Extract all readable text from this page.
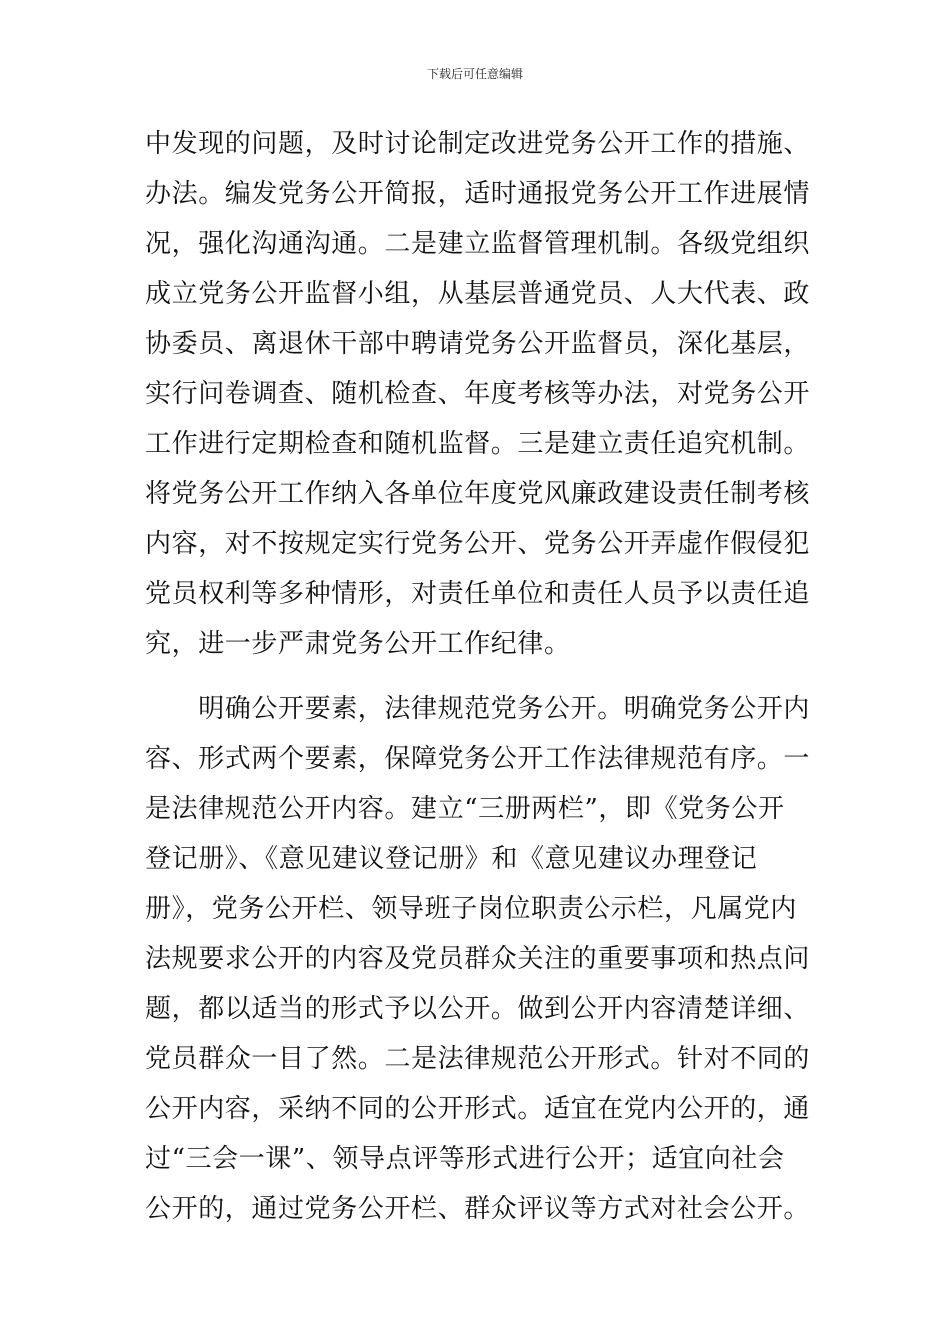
下载后可任意编辑
中发现的问题，及时讨论制定改进党务公开工作的措施、
办法。编发党务公开简报，适时通报党务公开工作进展情
况，强化沟通沟通。二是建立监督管理机制。各级党组织
成立党务公开监督小组，从基层普通党员、人大代表、政
协委员、离退休干部中聘请党务公开监督员，深化基层，
实行问卷调查、随机检查、年度考核等办法，对党务公开
工作进行定期检查和随机监督。三是建立责任追究机制。
将党务公开工作纳入各单位年度党风廉政建设责任制考核
内容，对不按规定实行党务公开、党务公开弄虚作假侵犯
党员权利等多种情形，对责任单位和责任人员予以责任追
究，进一步严肃党务公开工作纪律。
　　明确公开要素，法律规范党务公开。明确党务公开内
容、形式两个要素，保障党务公开工作法律规范有序。一
是法律规范公开内容。建立“三册两栏”，即《党务公开
登记册》、《意见建议登记册》和《意见建议办理登记
册》，党务公开栏、领导班子岗位职责公示栏，凡属党内
法规要求公开的内容及党员群众关注的重要事项和热点问
题，都以适当的形式予以公开。做到公开内容清楚详细、
党员群众一目了然。二是法律规范公开形式。针对不同的
公开内容，采纳不同的公开形式。适宜在党内公开的，通
过“三会一课”、领导点评等形式进行公开；适宜向社会
公开的，通过党务公开栏、群众评议等方式对社会公开。
